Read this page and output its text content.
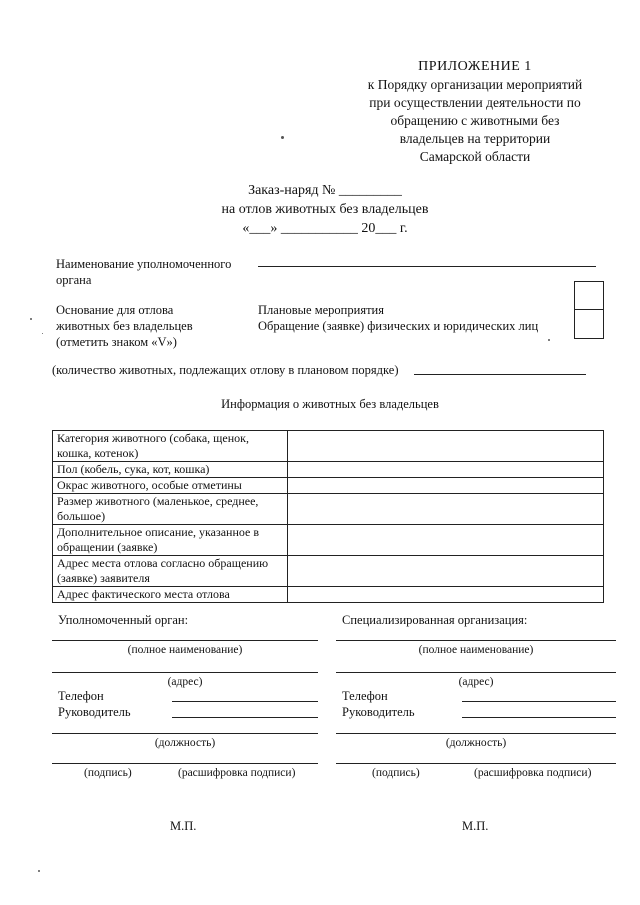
ПРИЛОЖЕНИЕ 1
к Порядку организации мероприятий
при осуществлении деятельности по
обращению с животными без
владельцев на территории
Самарской области
Заказ-наряд № _________
на отлов животных без владельцев
«___» ___________ 20___ г.
Наименование уполномоченного органа
Основание для отлова
животных без владельцев
(отметить знаком «V»)
Плановые мероприятия
Обращение (заявке) физических и юридических лиц
(количество животных, подлежащих отлову в плановом порядке)
Информация о животных без владельцев
Категория животного (собака, щенок, кошка, котенок)	
Пол (кобель, сука, кот, кошка)	
Окрас животного, особые отметины	
Размер животного (маленькое, среднее, большое)	
Дополнительное описание, указанное в обращении (заявке)	
Адрес места отлова согласно обращению (заявке) заявителя	
Адрес фактического места отлова	
Уполномоченный орган:
(полное наименование)
(адрес)
Телефон
Руководитель
(должность)
(подпись)	(расшифровка подписи)
М.П.
Специализированная организация:
(полное наименование)
(адрес)
Телефон
Руководитель
(должность)
(подпись)	(расшифровка подписи)
М.П.
